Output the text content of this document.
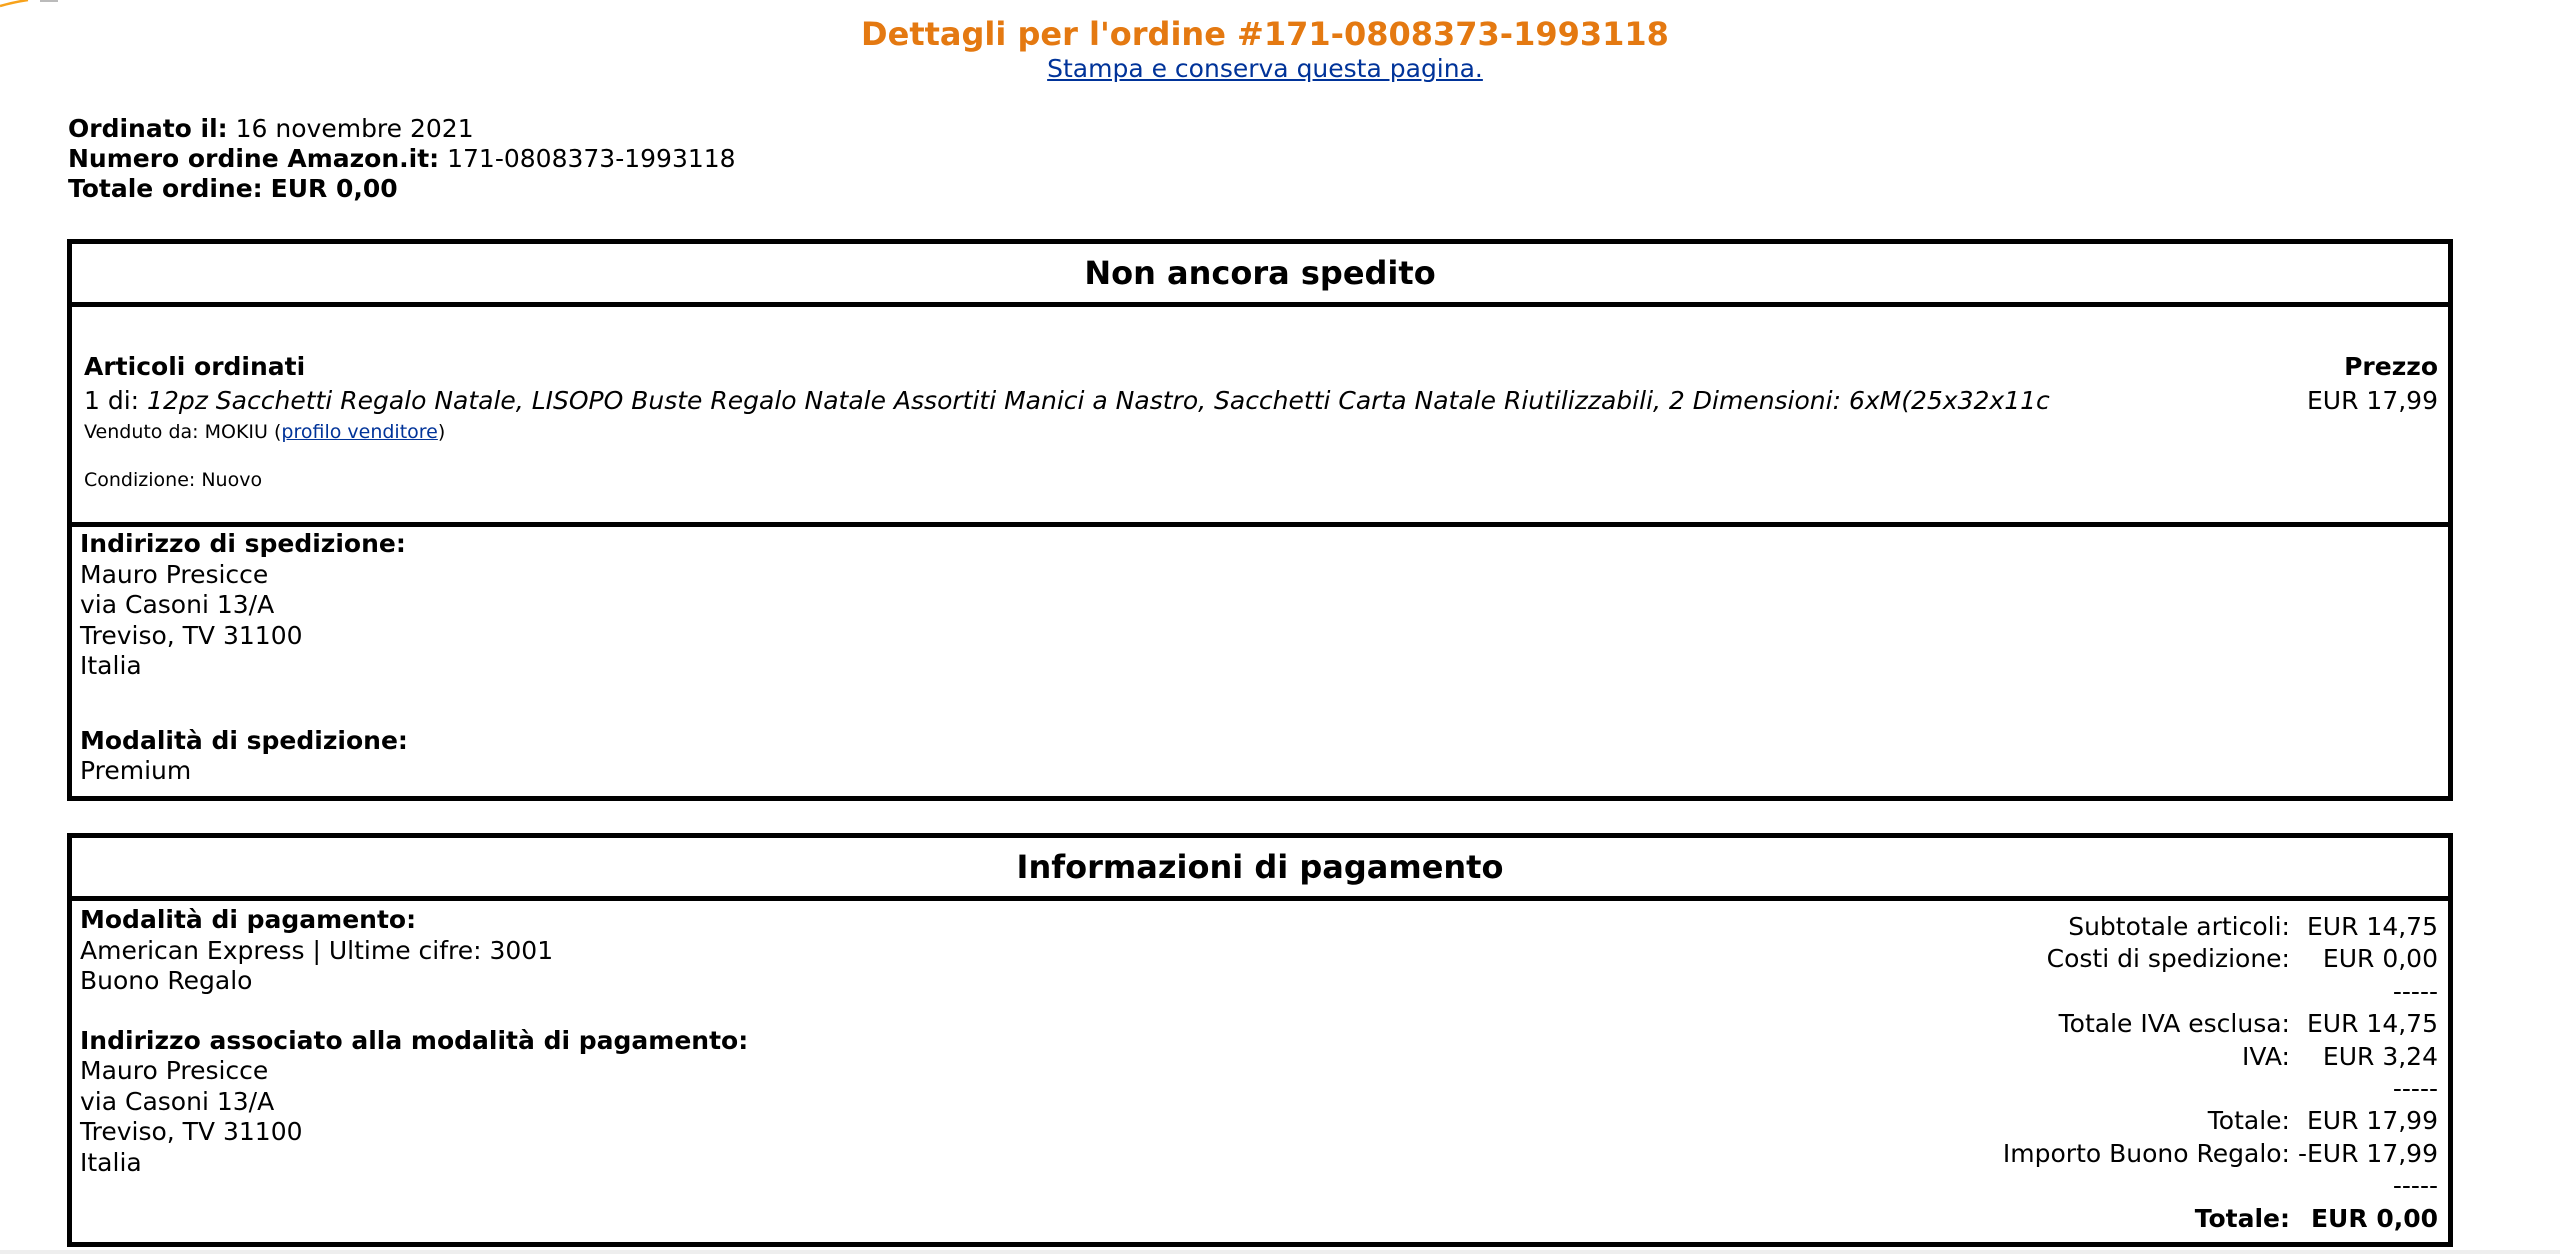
Dettagli per l'ordine #171-0808373-1993118
Stampa e conserva questa pagina.
Ordinato il: 16 novembre 2021
Numero ordine Amazon.it: 171-0808373-1993118
Totale ordine: EUR 0,00
Non ancora spedito
Articoli ordinati	Prezzo
1 di: 12pz Sacchetti Regalo Natale, LISOPO Buste Regalo Natale Assortiti Manici a Nastro, Sacchetti Carta Natale Riutilizzabili, 2 Dimensioni: 6xM(25x32x11c	EUR 17,99
Venduto da: MOKIU (profilo venditore)
Condizione: Nuovo
Indirizzo di spedizione:
Mauro Presicce
via Casoni 13/A
Treviso, TV 31100
Italia
Modalità di spedizione:
Premium
Informazioni di pagamento
Modalità di pagamento:
American Express | Ultime cifre: 3001
Buono Regalo
Indirizzo associato alla modalità di pagamento:
Mauro Presicce
via Casoni 13/A
Treviso, TV 31100
Italia
Subtotale articoli:	EUR 14,75
Costi di spedizione:	EUR 0,00
	-----
Totale IVA esclusa:	EUR 14,75
IVA:	EUR 3,24
	-----
Totale:	EUR 17,99
Importo Buono Regalo:	-EUR 17,99
	-----
Totale:	EUR 0,00
